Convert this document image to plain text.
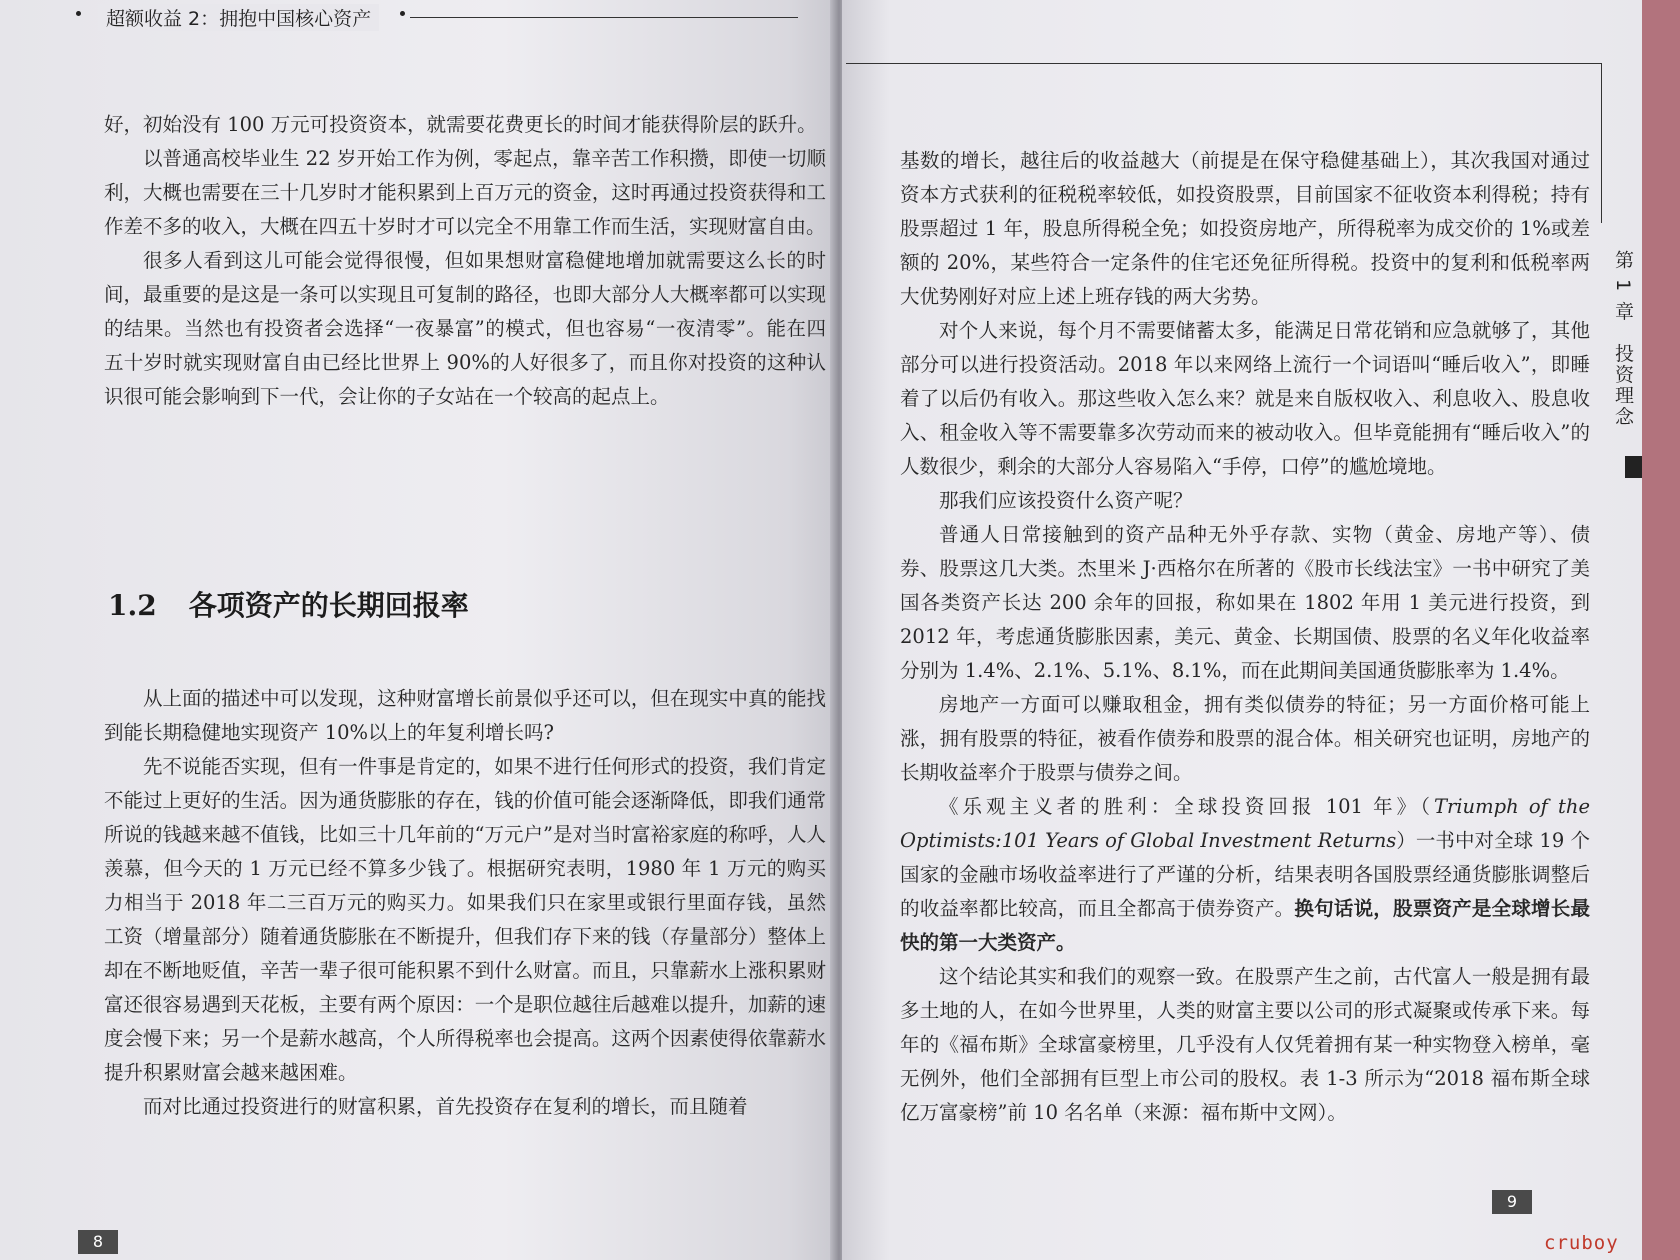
超额收益 2：拥抱中国核心资产

好，初始没有 100 万元可投资资本，就需要花费更长的时间才能获得阶层的跃升。

以普通高校毕业生 22 岁开始工作为例，零起点，靠辛苦工作积攒，即使一切顺利，大概也需要在三十几岁时才能积累到上百万元的资金，这时再通过投资获得和工作差不多的收入，大概在四五十岁时才可以完全不用靠工作而生活，实现财富自由。

很多人看到这儿可能会觉得很慢，但如果想财富稳健地增加就需要这么长的时间，最重要的是这是一条可以实现且可复制的路径，也即大部分人大概率都可以实现的结果。当然也有投资者会选择“一夜暴富”的模式，但也容易“一夜清零”。能在四五十岁时就实现财富自由已经比世界上 90%的人好很多了，而且你对投资的这种认识很可能会影响到下一代，会让你的子女站在一个较高的起点上。

1.2 各项资产的长期回报率

从上面的描述中可以发现，这种财富增长前景似乎还可以，但在现实中真的能找到能长期稳健地实现资产 10%以上的年复利增长吗?

先不说能否实现，但有一件事是肯定的，如果不进行任何形式的投资，我们肯定不能过上更好的生活。因为通货膨胀的存在，钱的价值可能会逐渐降低，即我们通常所说的钱越来越不值钱，比如三十几年前的“万元户”是对当时富裕家庭的称呼，人人羡慕，但今天的 1 万元已经不算多少钱了。根据研究表明，1980 年 1 万元的购买力相当于 2018 年二三百万元的购买力。如果我们只在家里或银行里面存钱，虽然工资（增量部分）随着通货膨胀在不断提升，但我们存下来的钱（存量部分）整体上却在不断地贬值，辛苦一辈子很可能积累不到什么财富。而且，只靠薪水上涨积累财富还很容易遇到天花板，主要有两个原因：一个是职位越往后越难以提升，加薪的速度会慢下来；另一个是薪水越高，个人所得税率也会提高。这两个因素使得依靠薪水提升积累财富会越来越困难。

而对比通过投资进行的财富积累，首先投资存在复利的增长，而且随着

8

基数的增长，越往后的收益越大（前提是在保守稳健基础上），其次我国对通过资本方式获利的征税税率较低，如投资股票，目前国家不征收资本利得税；持有股票超过 1 年，股息所得税全免；如投资房地产，所得税率为成交价的 1%或差额的 20%，某些符合一定条件的住宅还免征所得税。投资中的复利和低税率两大优势刚好对应上述上班存钱的两大劣势。

对个人来说，每个月不需要储蓄太多，能满足日常花销和应急就够了，其他部分可以进行投资活动。2018 年以来网络上流行一个词语叫“睡后收入”，即睡着了以后仍有收入。那这些收入怎么来？就是来自版权收入、利息收入、股息收入、租金收入等不需要靠多次劳动而来的被动收入。但毕竟能拥有“睡后收入”的人数很少，剩余的大部分人容易陷入“手停，口停”的尴尬境地。

那我们应该投资什么资产呢？

普通人日常接触到的资产品种无外乎存款、实物（黄金、房地产等）、债券、股票这几大类。杰里米 J·西格尔在所著的《股市长线法宝》一书中研究了美国各类资产长达 200 余年的回报，称如果在 1802 年用 1 美元进行投资，到 2012 年，考虑通货膨胀因素，美元、黄金、长期国债、股票的名义年化收益率分别为 1.4%、2.1%、5.1%、8.1%，而在此期间美国通货膨胀率为 1.4%。

房地产一方面可以赚取租金，拥有类似债券的特征；另一方面价格可能上涨，拥有股票的特征，被看作债券和股票的混合体。相关研究也证明，房地产的长期收益率介于股票与债券之间。

《乐观主义者的胜利：全球投资回报 101 年》（Triumph of the Optimists:101 Years of Global Investment Returns）一书中对全球 19 个国家的金融市场收益率进行了严谨的分析，结果表明各国股票经通货膨胀调整后的收益率都比较高，而且全都高于债券资产。换句话说，股票资产是全球增长最快的第一大类资产。

这个结论其实和我们的观察一致。在股票产生之前，古代富人一般是拥有最多土地的人，在如今世界里，人类的财富主要以公司的形式凝聚或传承下来。每年的《福布斯》全球富豪榜里，几乎没有人仅凭着拥有某一种实物登入榜单，毫无例外，他们全部拥有巨型上市公司的股权。表 1-3 所示为“2018 福布斯全球亿万富豪榜”前 10 名名单（来源：福布斯中文网）。

9
第 1 章　投资理念
cruboy
